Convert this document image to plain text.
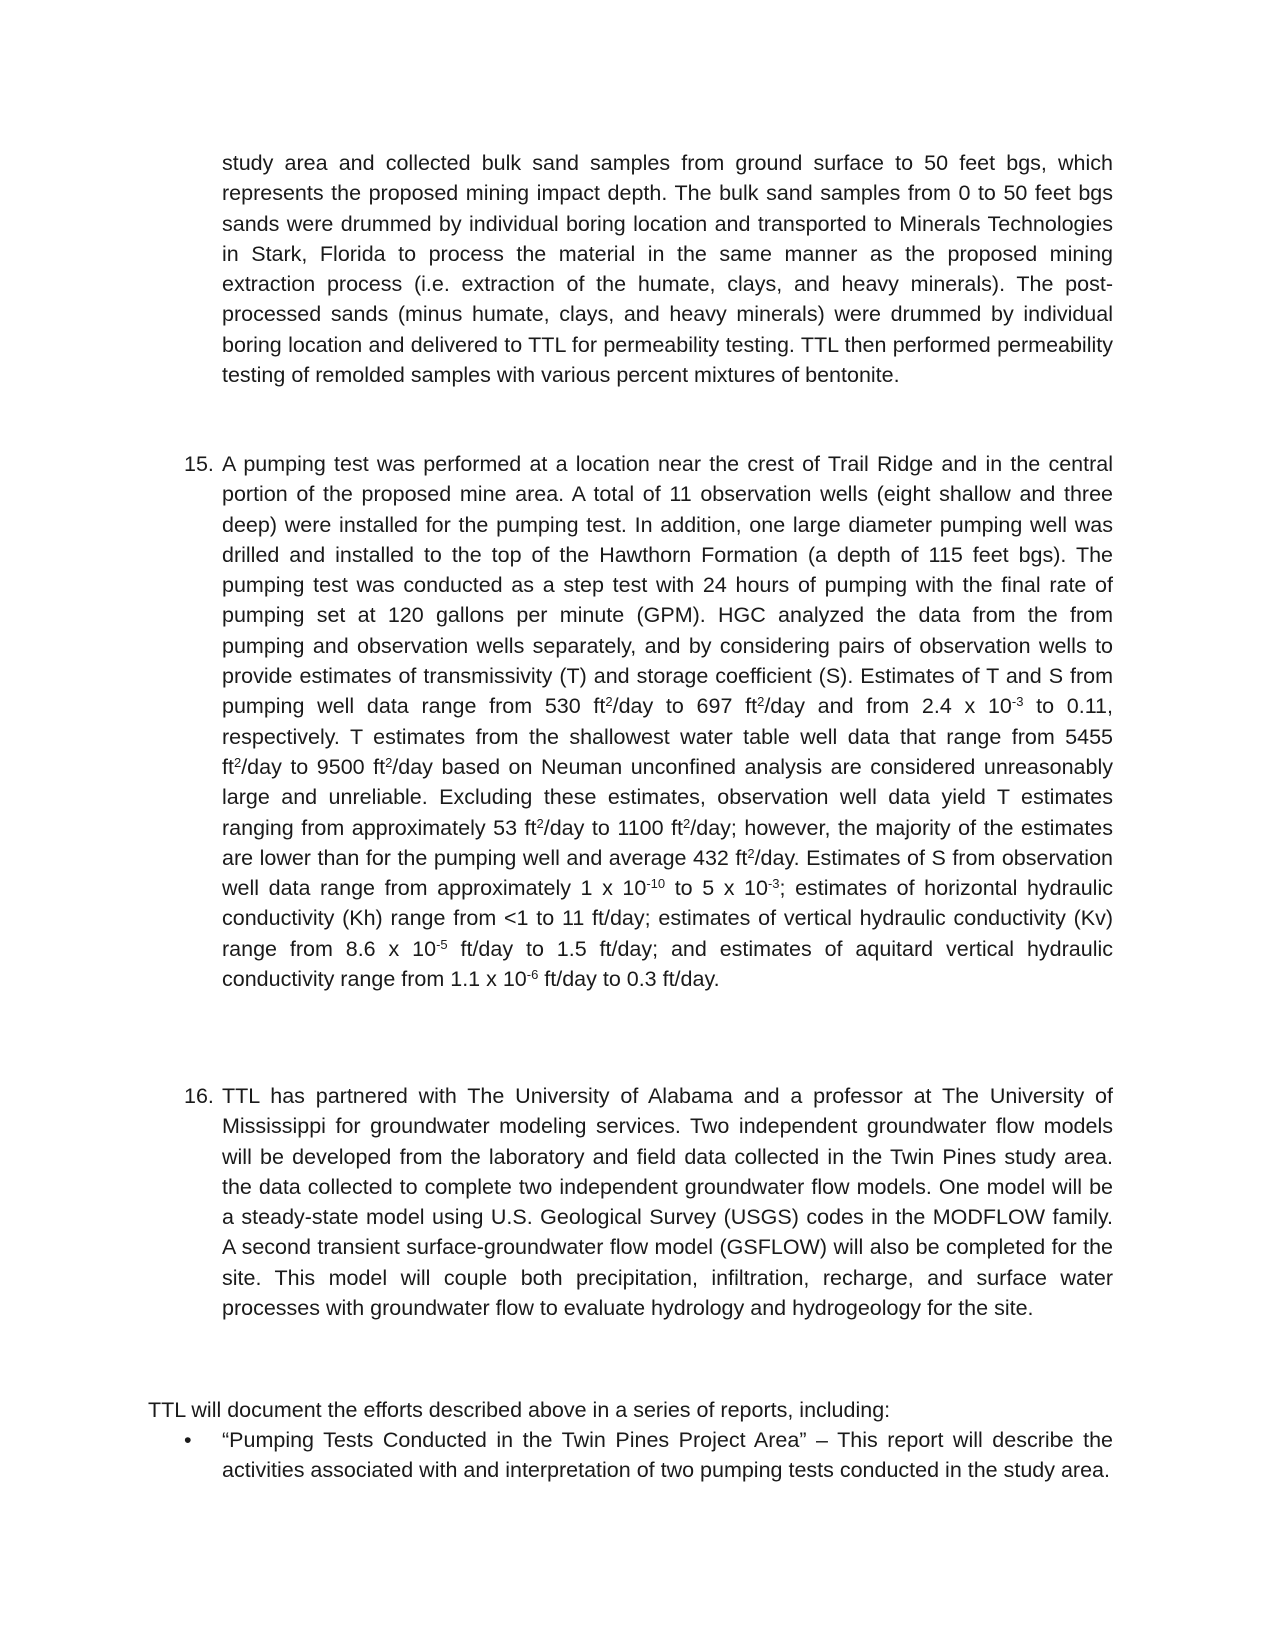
study area and collected bulk sand samples from ground surface to 50 feet bgs, which represents the proposed mining impact depth. The bulk sand samples from 0 to 50 feet bgs sands were drummed by individual boring location and transported to Minerals Technologies in Stark, Florida to process the material in the same manner as the proposed mining extraction process (i.e. extraction of the humate, clays, and heavy minerals). The post-processed sands (minus humate, clays, and heavy minerals) were drummed by individual boring location and delivered to TTL for permeability testing. TTL then performed permeability testing of remolded samples with various percent mixtures of bentonite.

15. A pumping test was performed at a location near the crest of Trail Ridge and in the central portion of the proposed mine area. A total of 11 observation wells (eight shallow and three deep) were installed for the pumping test. In addition, one large diameter pumping well was drilled and installed to the top of the Hawthorn Formation (a depth of 115 feet bgs). The pumping test was conducted as a step test with 24 hours of pumping with the final rate of pumping set at 120 gallons per minute (GPM). HGC analyzed the data from the from pumping and observation wells separately, and by considering pairs of observation wells to provide estimates of transmissivity (T) and storage coefficient (S). Estimates of T and S from pumping well data range from 530 $ft^2$/day to 697 $ft^2$/day and from 2.4 x $10^{-3}$ to 0.11, respectively. T estimates from the shallowest water table well data that range from 5455 $ft^2$/day to 9500 $ft^2$/day based on Neuman unconfined analysis are considered unreasonably large and unreliable. Excluding these estimates, observation well data yield T estimates ranging from approximately 53 $ft^2$/day to 1100 $ft^2$/day; however, the majority of the estimates are lower than for the pumping well and average 432 $ft^2$/day. Estimates of S from observation well data range from approximately 1 x $10^{-10}$ to 5 x $10^{-3}$; estimates of horizontal hydraulic conductivity (Kh) range from <1 to 11 ft/day; estimates of vertical hydraulic conductivity (Kv) range from 8.6 x $10^{-5}$ ft/day to 1.5 ft/day; and estimates of aquitard vertical hydraulic conductivity range from 1.1 x $10^{-6}$ ft/day to 0.3 ft/day.

16. TTL has partnered with The University of Alabama and a professor at The University of Mississippi for groundwater modeling services. Two independent groundwater flow models will be developed from the laboratory and field data collected in the Twin Pines study area. the data collected to complete two independent groundwater flow models. One model will be a steady-state model using U.S. Geological Survey (USGS) codes in the MODFLOW family. A second transient surface-groundwater flow model (GSFLOW) will also be completed for the site. This model will couple both precipitation, infiltration, recharge, and surface water processes with groundwater flow to evaluate hydrology and hydrogeology for the site.

TTL will document the efforts described above in a series of reports, including:

• “Pumping Tests Conducted in the Twin Pines Project Area” – This report will describe the activities associated with and interpretation of two pumping tests conducted in the study area.
